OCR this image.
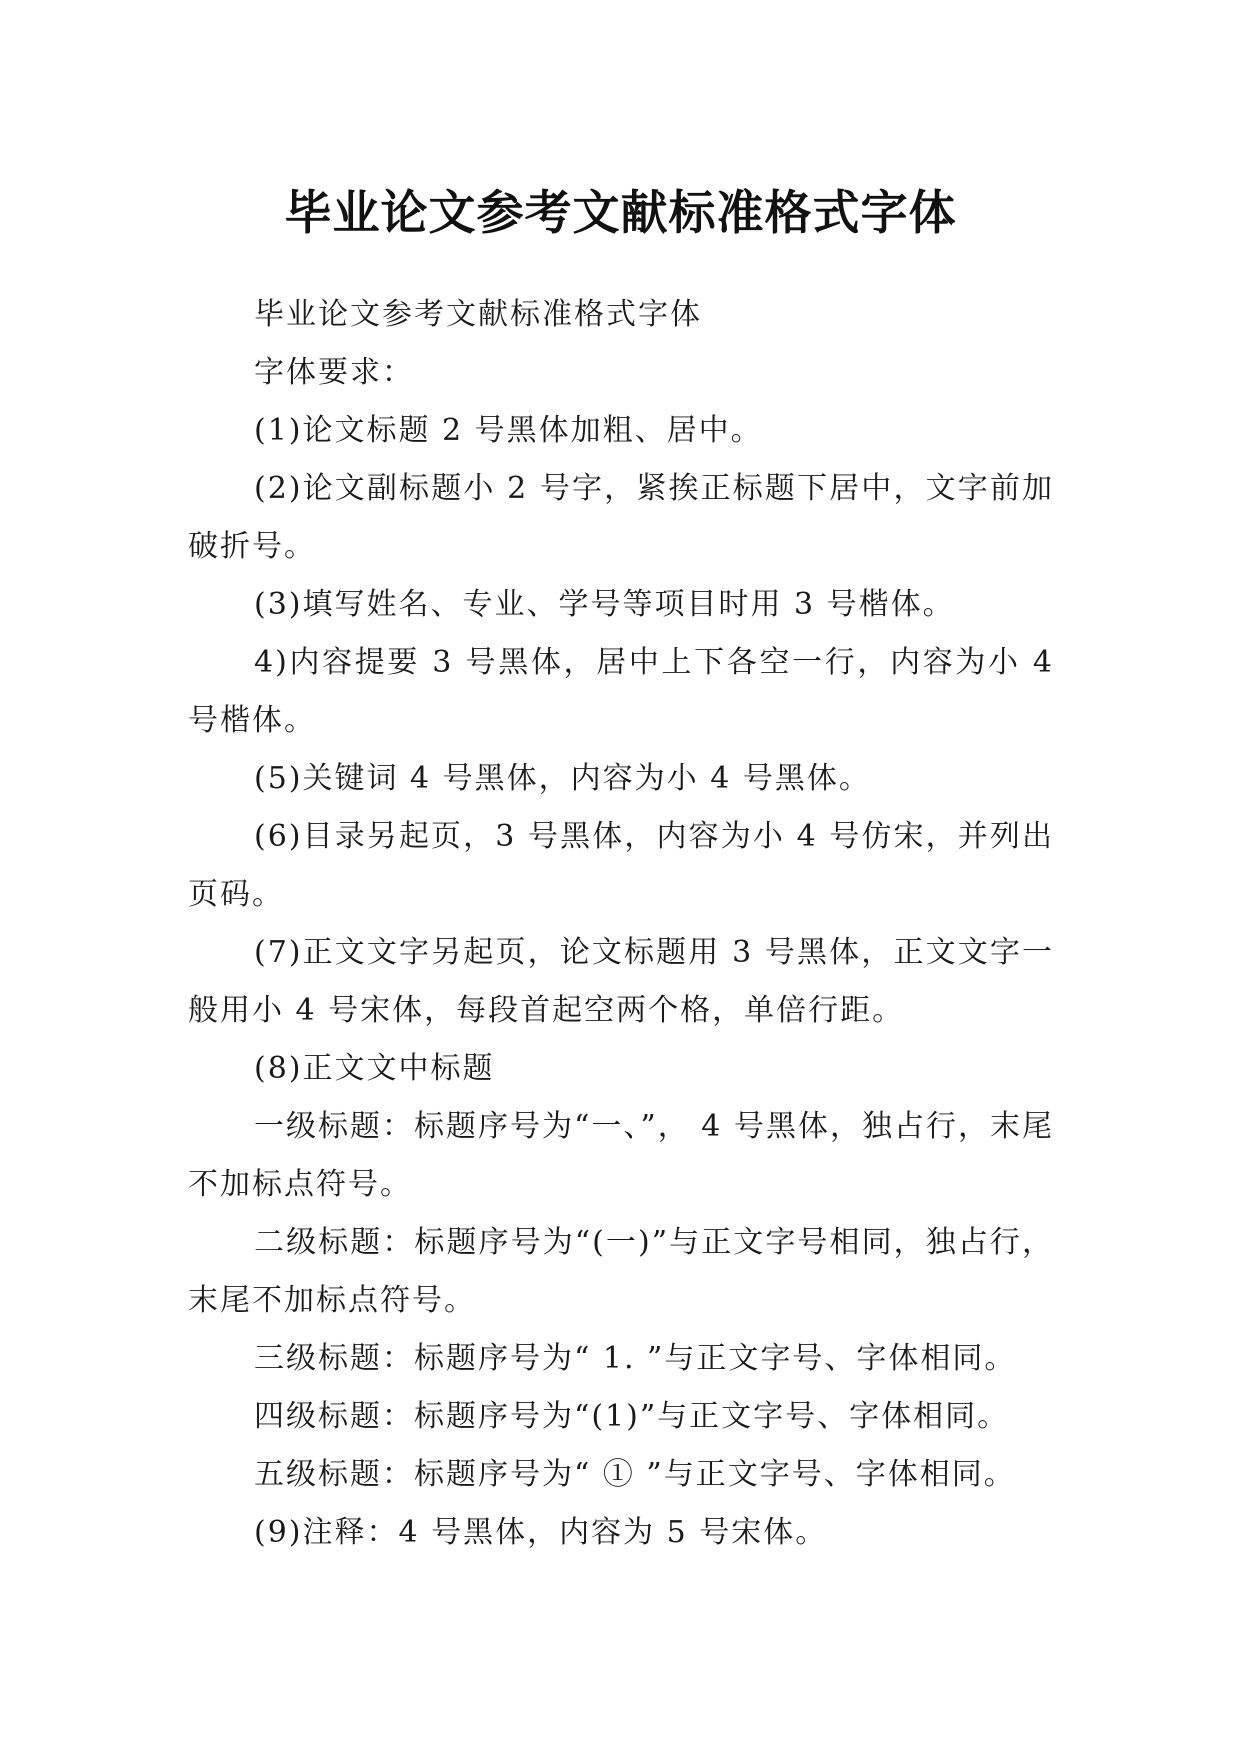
毕业论文参考文献标准格式字体

毕业论文参考文献标准格式字体

字体要求：

(1)论文标题 2 号黑体加粗、居中。

(2)论文副标题小 2 号字，紧挨正标题下居中，文字前加破折号。

(3)填写姓名、专业、学号等项目时用 3 号楷体。

4)内容提要 3 号黑体，居中上下各空一行，内容为小 4 号楷体。

(5)关键词 4 号黑体，内容为小 4 号黑体。

(6)目录另起页，3 号黑体，内容为小 4 号仿宋，并列出页码。

(7)正文文字另起页，论文标题用 3 号黑体，正文文字一般用小 4 号宋体，每段首起空两个格，单倍行距。

(8)正文文中标题

一级标题：标题序号为“一、”， 4 号黑体，独占行，末尾不加标点符号。

二级标题：标题序号为“(一)”与正文字号相同，独占行，末尾不加标点符号。

三级标题：标题序号为“ 1. ”与正文字号、字体相同。

四级标题：标题序号为“(1)”与正文字号、字体相同。

五级标题：标题序号为“ ① ”与正文字号、字体相同。

(9)注释：4 号黑体，内容为 5 号宋体。
